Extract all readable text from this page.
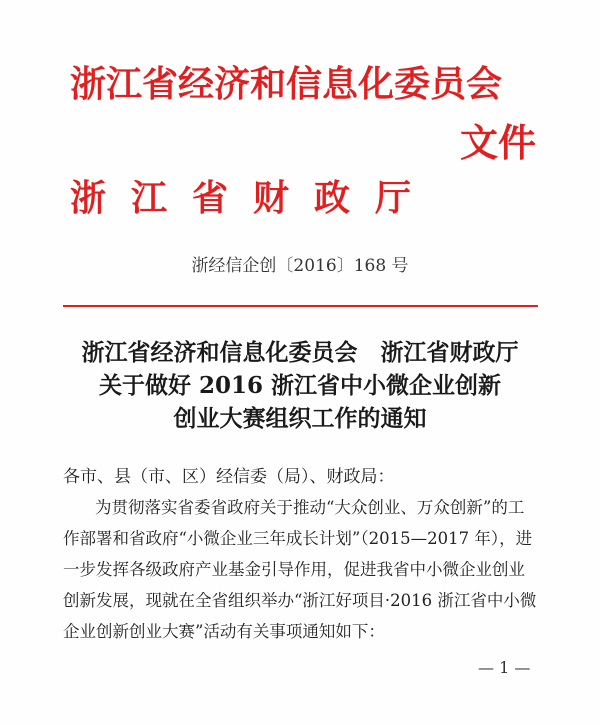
浙江省经济和信息化委员会
文件
浙江省财政厅
浙经信企创〔2016〕168 号
浙江省经济和信息化委员会　浙江省财政厅
关于做好 2016 浙江省中小微企业创新
创业大赛组织工作的通知
各市、县（市、区）经信委（局）、财政局：
为贯彻落实省委省政府关于推动“大众创业、万众创新”的工
作部署和省政府“小微企业三年成长计划”（2015—2017 年），进
一步发挥各级政府产业基金引导作用，促进我省中小微企业创业
创新发展，现就在全省组织举办“浙江好项目·2016 浙江省中小微
企业创新创业大赛”活动有关事项通知如下：
— 1 —
